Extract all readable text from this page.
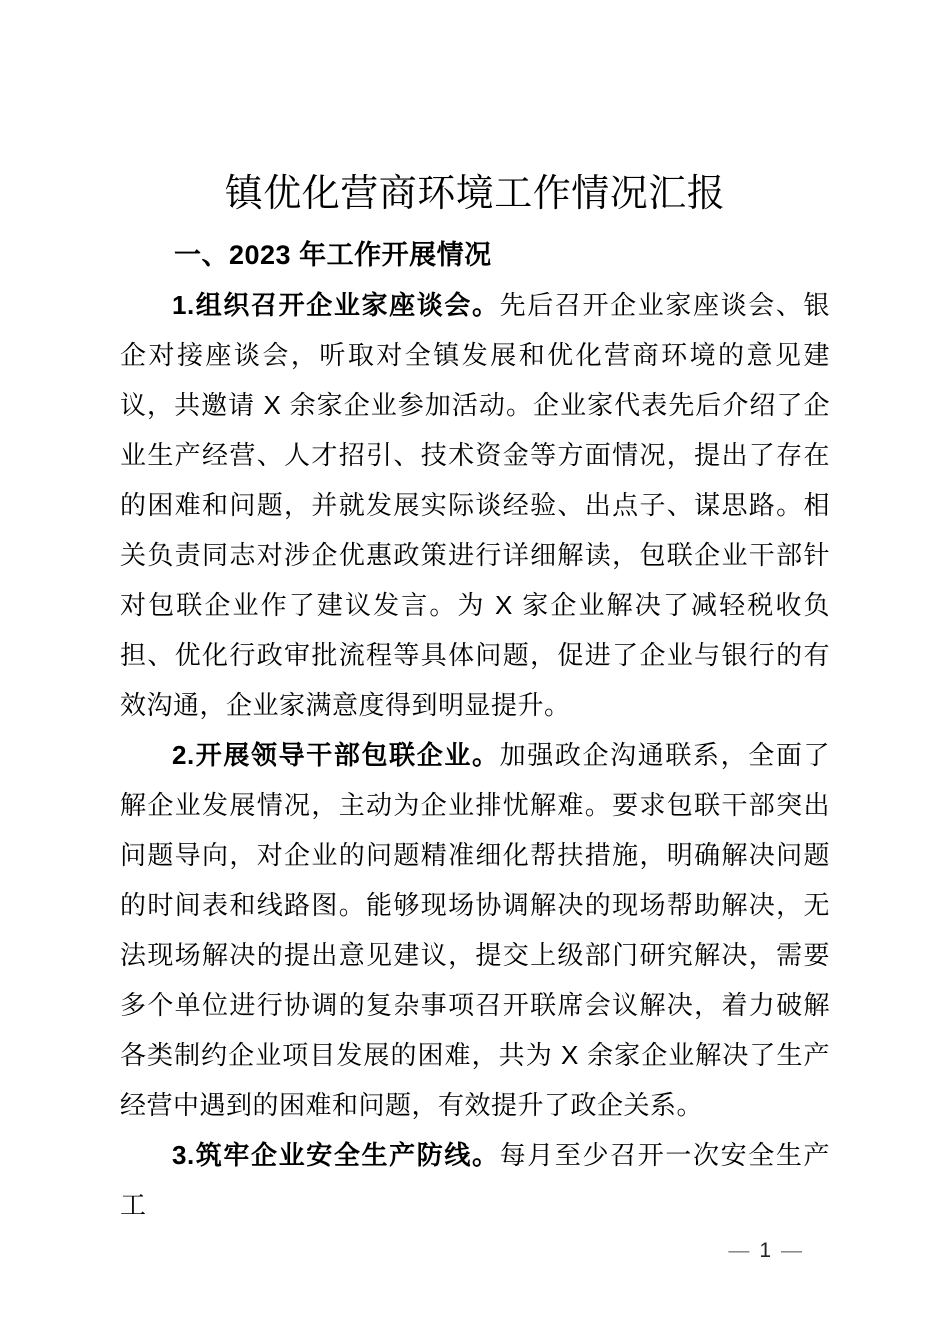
镇优化营商环境工作情况汇报
一、2023 年工作开展情况

1.组织召开企业家座谈会。先后召开企业家座谈会、银企对接座谈会，听取对全镇发展和优化营商环境的意见建议，共邀请 X 余家企业参加活动。企业家代表先后介绍了企业生产经营、人才招引、技术资金等方面情况，提出了存在的困难和问题，并就发展实际谈经验、出点子、谋思路。相关负责同志对涉企优惠政策进行详细解读，包联企业干部针对包联企业作了建议发言。为 X 家企业解决了减轻税收负担、优化行政审批流程等具体问题，促进了企业与银行的有效沟通，企业家满意度得到明显提升。

2.开展领导干部包联企业。加强政企沟通联系，全面了解企业发展情况，主动为企业排忧解难。要求包联干部突出问题导向，对企业的问题精准细化帮扶措施，明确解决问题的时间表和线路图。能够现场协调解决的现场帮助解决，无法现场解决的提出意见建议，提交上级部门研究解决，需要多个单位进行协调的复杂事项召开联席会议解决，着力破解各类制约企业项目发展的困难，共为 X 余家企业解决了生产经营中遇到的困难和问题，有效提升了政企关系。

3.筑牢企业安全生产防线。每月至少召开一次安全生产工

— 1 —
